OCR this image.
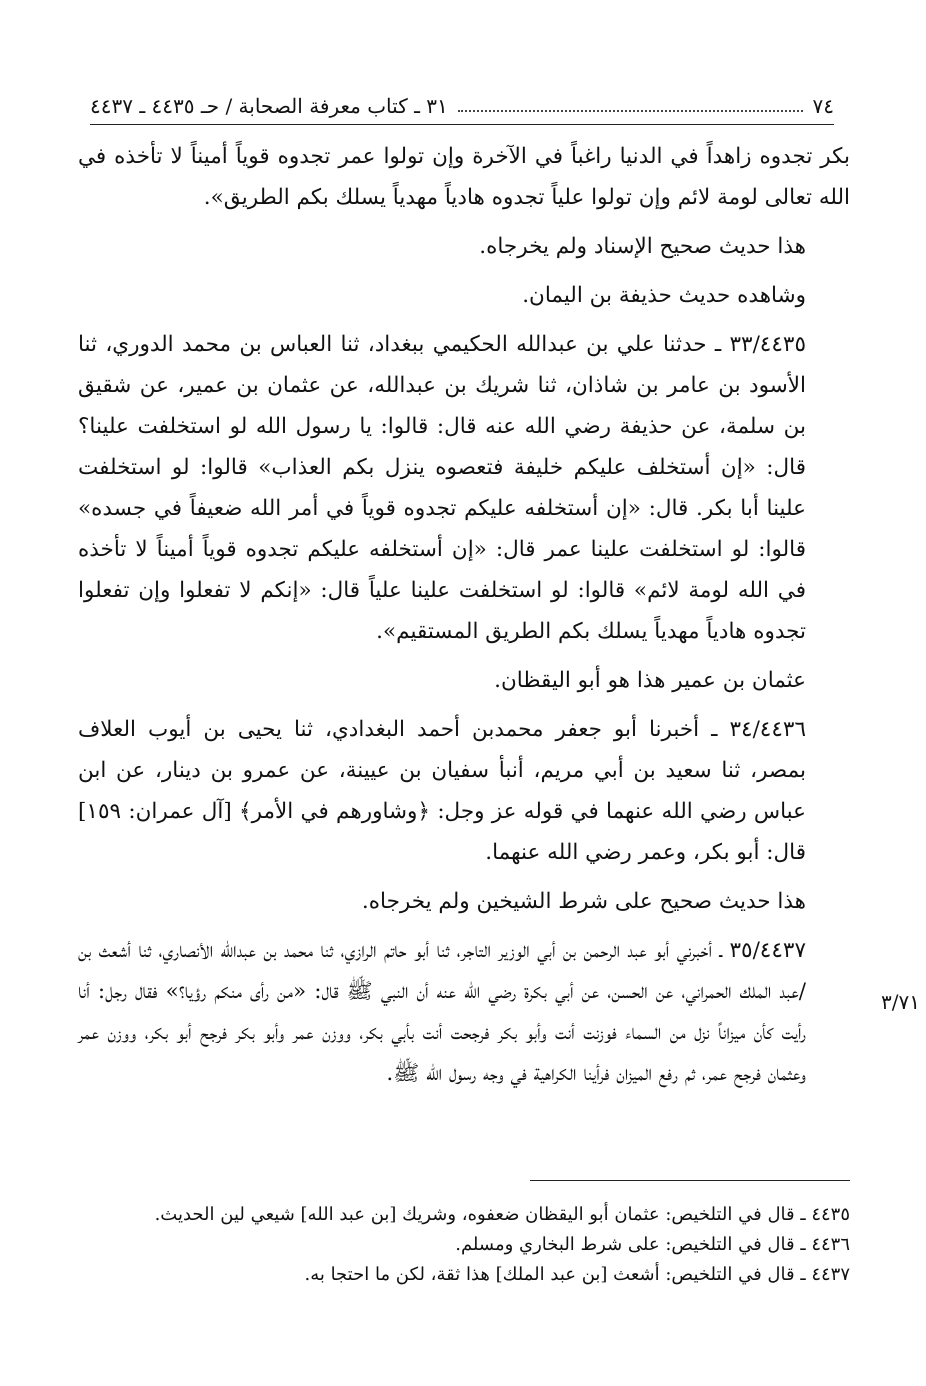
٧٤
٣١ ـ كتاب معرفة الصحابة / حـ ٤٤٣٥ ـ ٤٤٣٧
٣/٧١

بكر تجدوه زاهداً في الدنيا راغباً في الآخرة وإن تولوا عمر تجدوه قوياً أميناً لا تأخذه في الله تعالى لومة لائم وإن تولوا علياً تجدوه هادياً مهدياً يسلك بكم الطريق».

هذا حديث صحيح الإسناد ولم يخرجاه.

وشاهده حديث حذيفة بن اليمان.

٣٣/٤٤٣٥ ـ حدثنا علي بن عبدالله الحكيمي ببغداد، ثنا العباس بن محمد الدوري، ثنا الأسود بن عامر بن شاذان، ثنا شريك بن عبدالله، عن عثمان بن عمير، عن شقيق بن سلمة، عن حذيفة رضي الله عنه قال: قالوا: يا رسول الله لو استخلفت علينا؟ قال: «إن أستخلف عليكم خليفة فتعصوه ينزل بكم العذاب» قالوا: لو استخلفت علينا أبا بكر. قال: «إن أستخلفه عليكم تجدوه قوياً في أمر الله ضعيفاً في جسده» قالوا: لو استخلفت علينا عمر قال: «إن أستخلفه عليكم تجدوه قوياً أميناً لا تأخذه في الله لومة لائم» قالوا: لو استخلفت علينا علياً قال: «إنكم لا تفعلوا وإن تفعلوا تجدوه هادياً مهدياً يسلك بكم الطريق المستقيم».

عثمان بن عمير هذا هو أبو اليقظان.

٣٤/٤٤٣٦ ـ أخبرنا أبو جعفر محمدبن أحمد البغدادي، ثنا يحيى بن أيوب العلاف بمصر، ثنا سعيد بن أبي مريم، أنبأ سفيان بن عيينة، عن عمرو بن دينار، عن ابن عباس رضي الله عنهما في قوله عز وجل: ﴿وشاورهم في الأمر﴾ [آل عمران: ١٥٩] قال: أبو بكر، وعمر رضي الله عنهما.

هذا حديث صحيح على شرط الشيخين ولم يخرجاه.

٣٥/٤٤٣٧ ـ أخبرني أبو عبد الرحمن بن أبي الوزير التاجر، ثنا أبو حاتم الرازي، ثنا محمد بن عبدالله الأنصاري، ثنا أشعث بن /عبد الملك الحمراني، عن الحسن، عن أبي بكرة رضي الله عنه أن النبي ﷺ قال: «من رأى منكم رؤيا؟» فقال رجل: أنا رأيت كأن ميزاناً نزل من السماء فوزنت أنت وأبو بكر فرجحت أنت بأبي بكر، ووزن عمر وأبو بكر فرجح أبو بكر، ووزن عمر وعثمان فرجح عمر، ثم رفع الميزان فرأينا الكراهية في وجه رسول الله ﷺ.

٤٤٣٥ ـ قال في التلخيص: عثمان أبو اليقظان ضعفوه، وشريك [بن عبد الله] شيعي لين الحديث.
٤٤٣٦ ـ قال في التلخيص: على شرط البخاري ومسلم.
٤٤٣٧ ـ قال في التلخيص: أشعث [بن عبد الملك] هذا ثقة، لكن ما احتجا به.
